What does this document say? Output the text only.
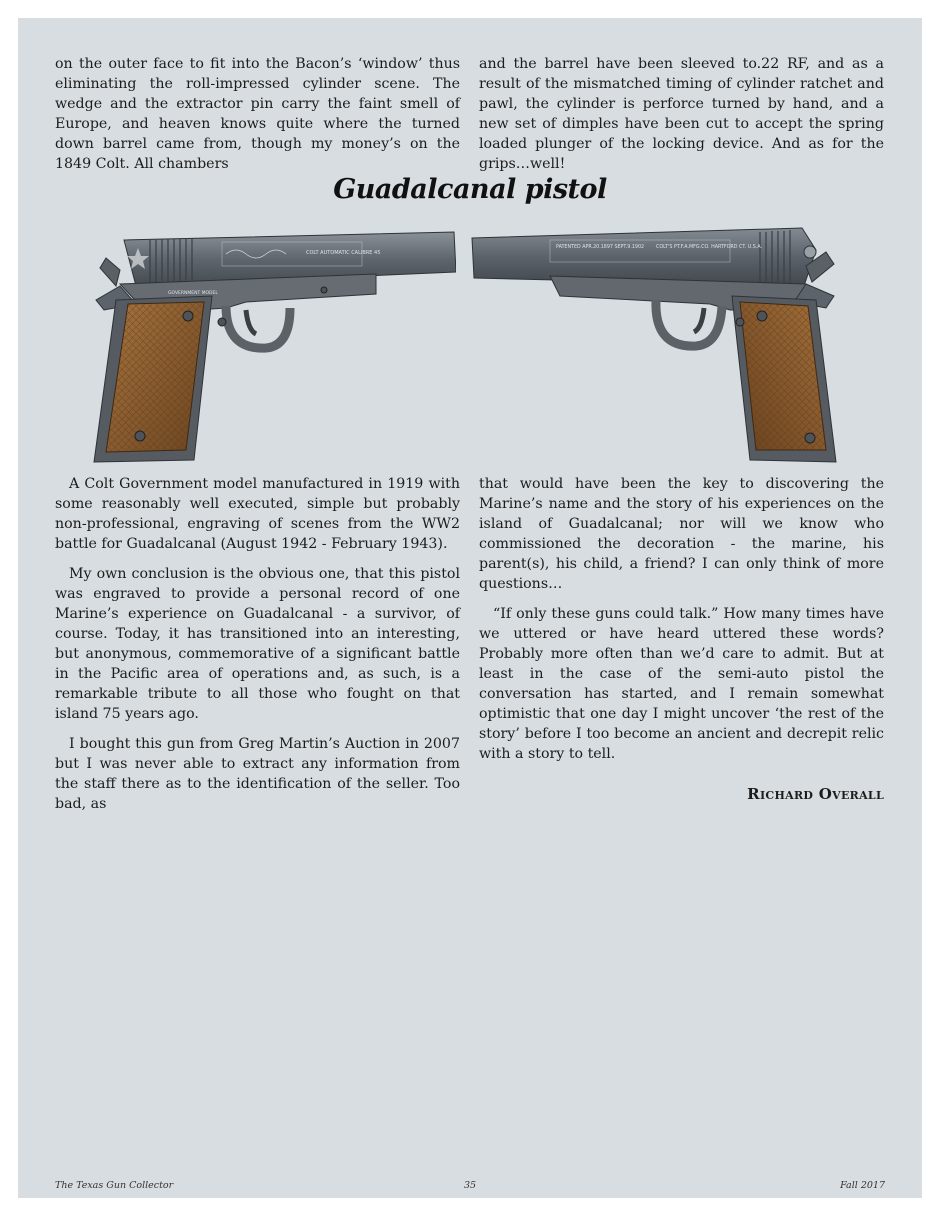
on the outer face to fit into the Bacon’s ‘window’ thus eliminating the roll-impressed cylinder scene. The wedge and the extractor pin carry the faint smell of Europe, and heaven knows quite where the turned down barrel came from, though my money’s on the 1849 Colt. All chambers

and the barrel have been sleeved to.22 RF, and as a result of the mismatched timing of cylinder ratchet and pawl, the cylinder is perforce turned by hand, and a new set of dimples have been cut to accept the spring loaded plunger of the locking device. And as for the grips…well!

Guadalcanal pistol
COLT AUTOMATIC CALIBRE 45
GOVERNMENT MODEL
PATENTED APR.20.1897 SEPT.9.1902 COLT'S PT.F.A.MFG.CO. HARTFORD CT. U.S.A.

A Colt Government model manufactured in 1919 with some reasonably well executed, simple but probably non-professional, engraving of scenes from the WW2 battle for Guadalcanal (August 1942 - February 1943).

My own conclusion is the obvious one, that this pistol was engraved to provide a personal record of one Marine’s experience on Guadalcanal - a survivor, of course. Today, it has transitioned into an interesting, but anonymous, commemorative of a significant battle in the Pacific area of operations and, as such, is a remarkable tribute to all those who fought on that island 75 years ago.

I bought this gun from Greg Martin’s Auction in 2007 but I was never able to extract any information from the staff there as to the identification of the seller. Too bad, as

that would have been the key to discovering the Marine’s name and the story of his experiences on the island of Guadalcanal; nor will we know who commissioned the decoration - the marine, his parent(s), his child, a friend? I can only think of more questions…

“If only these guns could talk.” How many times have we uttered or have heard uttered these words? Probably more often than we’d care to admit. But at least in the case of the semi-auto pistol the conversation has started, and I remain somewhat optimistic that one day I might uncover ‘the rest of the story’ before I too become an ancient and decrepit relic with a story to tell.

Richard Overall
The Texas Gun Collector	35	Fall 2017
